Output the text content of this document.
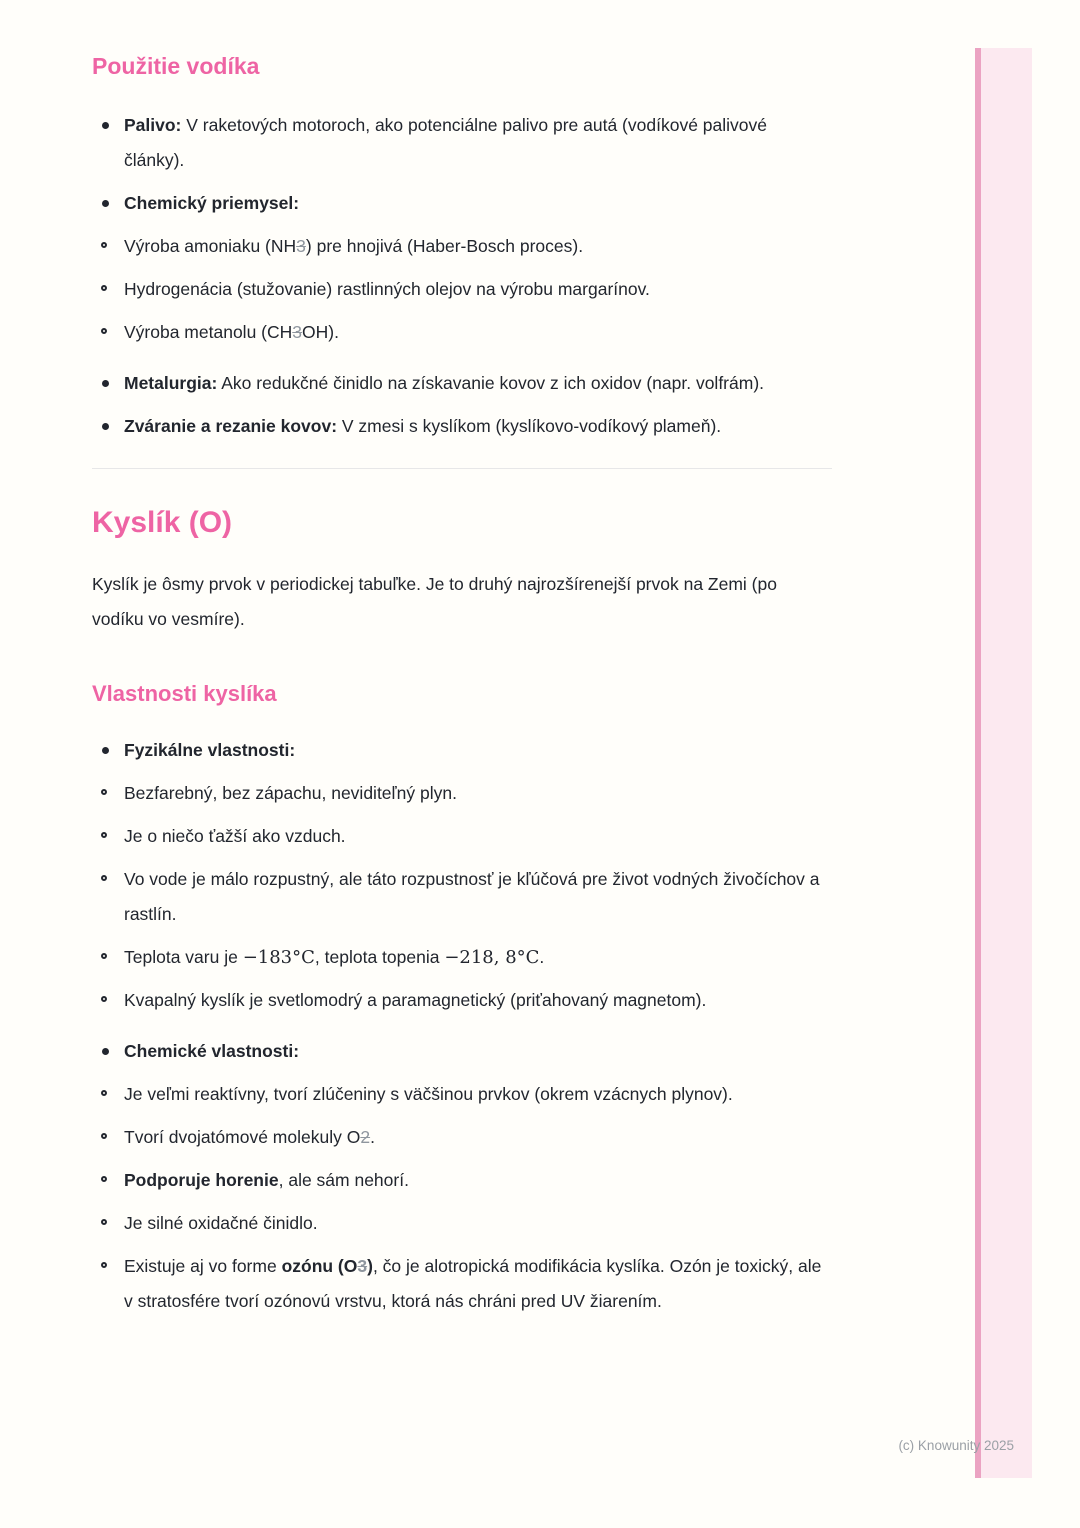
Použitie vodíka
Palivo: V raketových motoroch, ako potenciálne palivo pre autá (vodíkové palivové články).
Chemický priemysel:
Výroba amoniaku (NH3) pre hnojivá (Haber-Bosch proces).
Hydrogenácia (stužovanie) rastlinných olejov na výrobu margarínov.
Výroba metanolu (CH3OH).
Metalurgia: Ako redukčné činidlo na získavanie kovov z ich oxidov (napr. volfrám).
Zváranie a rezanie kovov: V zmesi s kyslíkom (kyslíkovo-vodíkový plameň).
Kyslík (O)

Kyslík je ôsmy prvok v periodickej tabuľke. Je to druhý najrozšírenejší prvok na Zemi (po vodíku vo vesmíre).

Vlastnosti kyslíka
Fyzikálne vlastnosti:
Bezfarebný, bez zápachu, neviditeľný plyn.
Je o niečo ťažší ako vzduch.
Vo vode je málo rozpustný, ale táto rozpustnosť je kľúčová pre život vodných živočíchov a rastlín.
Teplota varu je −183°C, teplota topenia −218, 8°C.
Kvapalný kyslík je svetlomodrý a paramagnetický (priťahovaný magnetom).
Chemické vlastnosti:
Je veľmi reaktívny, tvorí zlúčeniny s väčšinou prvkov (okrem vzácnych plynov).
Tvorí dvojatómové molekuly O2.
Podporuje horenie, ale sám nehorí.
Je silné oxidačné činidlo.
Existuje aj vo forme ozónu (O3), čo je alotropická modifikácia kyslíka. Ozón je toxický, ale v stratosfére tvorí ozónovú vrstvu, ktorá nás chráni pred UV žiarením.
(c) Knowunity 2025
